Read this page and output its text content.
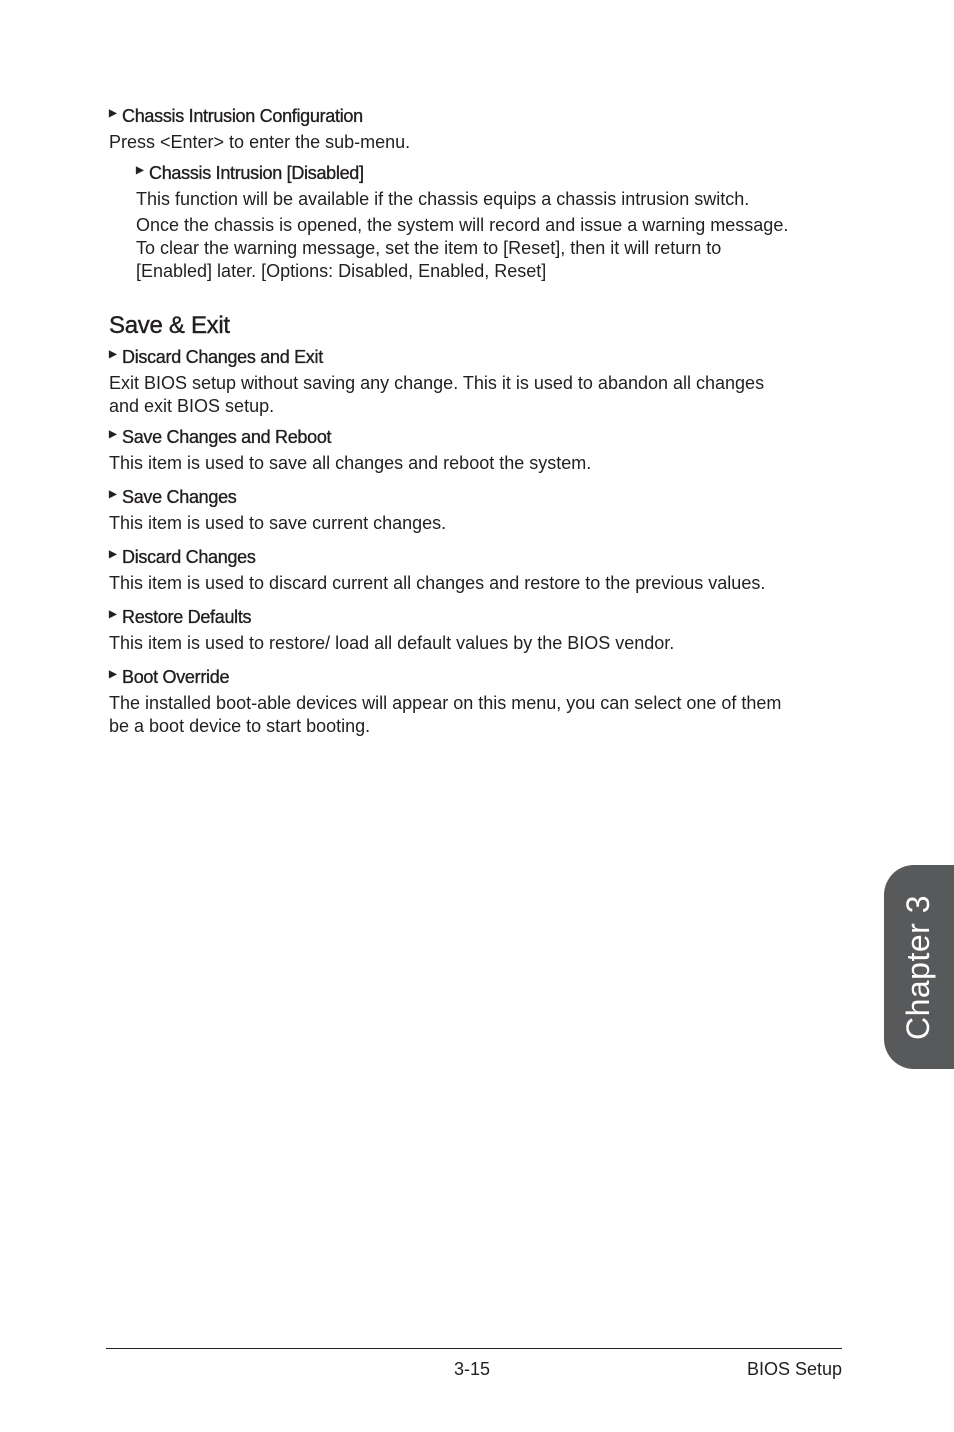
▶ Chassis Intrusion Configuration
Press <Enter> to enter the sub-menu.
▶ Chassis Intrusion [Disabled]
This function will be available if the chassis equips a chassis intrusion switch.
Once the chassis is opened, the system will record and issue a warning message.
To clear the warning message, set the item to [Reset], then it will return to
[Enabled] later. [Options: Disabled, Enabled, Reset]
Save & Exit
▶ Discard Changes and Exit
Exit BIOS setup without saving any change. This it is used to abandon all changes
and exit BIOS setup.
▶ Save Changes and Reboot
This item is used to save all changes and reboot the system.
▶ Save Changes
This item is used to save current changes.
▶ Discard Changes
This item is used to discard current all changes and restore to the previous values.
▶ Restore Defaults
This item is used to restore/ load all default values by the BIOS vendor.
▶ Boot Override
The installed boot-able devices will appear on this menu, you can select one of them
be a boot device to start booting.
Chapter 3
3-15	BIOS Setup
